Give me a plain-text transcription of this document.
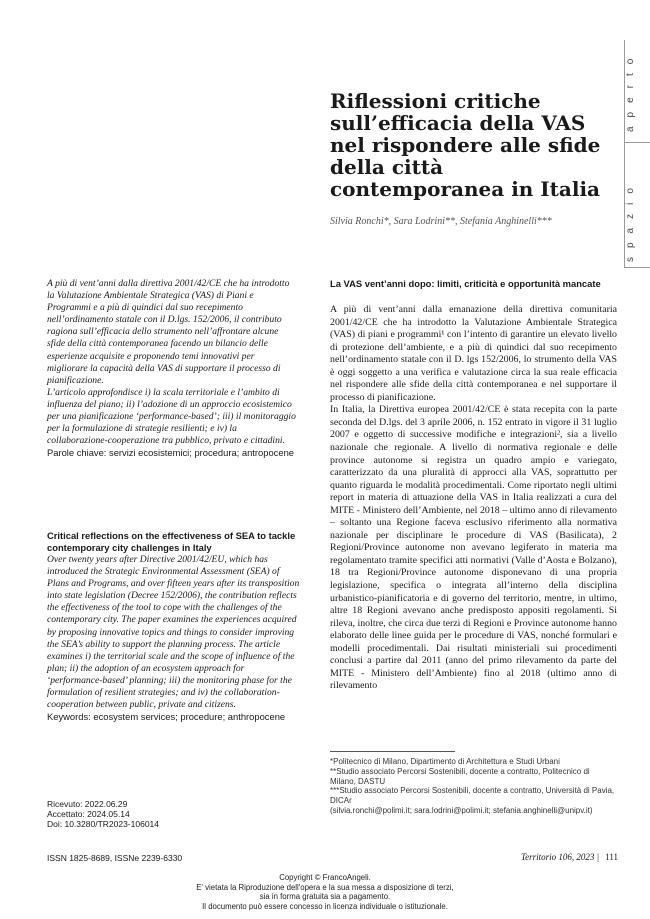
aperto
spazio
Riflessioni critiche sull’efficacia della VAS nel rispondere alle sfide della città contemporanea in Italia
Silvia Ronchi*, Sara Lodrini**, Stefania Anghinelli***

A più di vent’anni dalla direttiva 2001/42/CE che ha introdotto la Valutazione Ambientale Strategica (VAS) di Piani e Programmi e a più di quindici dal suo recepimento nell’ordinamento statale con il D.lgs. 152/2006, il contributo ragiona sull’efficacia dello strumento nell’affrontare alcune sfide della città contemporanea facendo un bilancio delle esperienze acquisite e proponendo temi innovativi per migliorare la capacità della VAS di supportare il processo di pianificazione.

L’articolo approfondisce i) la scala territoriale e l’ambito di influenza del piano; ii) l’adozione di un approccio ecosistemico per una pianificazione ‘performance-based’; iii) il monitoraggio per la formulazione di strategie resilienti; e iv) la collaborazione-cooperazione tra pubblico, privato e cittadini.

Parole chiave: servizi ecosistemici; procedura; antropocene

Critical reflections on the effectiveness of SEA to tackle contemporary city challenges in Italy

Over twenty years after Directive 2001/42/EU, which has introduced the Strategic Environmental Assessment (SEA) of Plans and Programs, and over fifteen years after its transposition into state legislation (Decree 152/2006), the contribution reflects the effectiveness of the tool to cope with the challenges of the contemporary city. The paper examines the experiences acquired by proposing innovative topics and things to consider improving the SEA’s ability to support the planning process. The article examines i) the territorial scale and the scope of influence of the plan; ii) the adoption of an ecosystem approach for ‘performance-based’ planning; iii) the monitoring phase for the formulation of resilient strategies; and iv) the collaboration-cooperation between public, private and citizens.

Keywords: ecosystem services; procedure; anthropocene

Ricevuto: 2022.06.29
Accettato: 2024.05.14
Doi: 10.3280/TR2023-106014
La VAS vent’anni dopo: limiti, criticità e opportunità mancate

A più di vent’anni dalla emanazione della direttiva comunitaria 2001/42/CE che ha introdotto la Valutazione Ambientale Strategica (VAS) di piani e programmi¹ con l’intento di garantire un elevato livello di protezione dell’ambiente, e a più di quindici dal suo recepimento nell’ordinamento statale con il D. lgs 152/2006, lo strumento della VAS è oggi soggetto a una verifica e valutazione circa la sua reale efficacia nel rispondere alle sfide della città contemporanea e nel supportare il processo di pianificazione.

In Italia, la Direttiva europea 2001/42/CE è stata recepita con la parte seconda del D.lgs. del 3 aprile 2006, n. 152 entrato in vigore il 31 luglio 2007 e oggetto di successive modifiche e integrazioni², sia a livello nazionale che regionale. A livello di normativa regionale e delle province autonome si registra un quadro ampio e variegato, caratterizzato da una pluralità di approcci alla VAS, soprattutto per quanto riguarda le modalità procedimentali. Come riportato negli ultimi report in materia di attuazione della VAS in Italia realizzati a cura del MITE - Ministero dell’Ambiente, nel 2018 – ultimo anno di rilevamento – soltanto una Regione faceva esclusivo riferimento alla normativa nazionale per disciplinare le procedure di VAS (Basilicata), 2 Regioni/Province autonome non avevano legiferato in materia ma regolamentato tramite specifici atti normativi (Valle d’Aosta e Bolzano), 18 tra Regioni/Province autonome disponevano di una propria legislazione, specifica o integrata all’interno della disciplina urbanistico-pianificatoria e di governo del territorio, mentre, in ultimo, altre 18 Regioni avevano anche predisposto appositi regolamenti. Si rileva, inoltre, che circa due terzi di Regioni e Province autonome hanno elaborato delle linee guida per le procedure di VAS, nonché formulari e modelli procedimentali. Dai risultati ministeriali sui procedimenti conclusi a partire dal 2011 (anno del primo rilevamento da parte del MITE - Ministero dell’Ambiente) fino al 2018 (ultimo anno di rilevamento

*Politecnico di Milano, Dipartimento di Architettura e Studi Urbani
**Studio associato Percorsi Sostenibili, docente a contratto, Politecnico di Milano, DASTU
***Studio associato Percorsi Sostenibili, docente a contratto, Università di Pavia, DICAr
(silvia.ronchi@polimi.it; sara.lodrini@polimi.it; stefania.anghinelli@unipv.it)
ISSN 1825-8689, ISSNe 2239-6330	Territorio 106, 2023 | 111
Copyright © FrancoAngeli.
E' vietata la Riproduzione dell'opera e la sua messa a disposizione di terzi,
sia in forma gratuita sia a pagamento.
Il documento può essere concesso in licenza individuale o istituzionale.
